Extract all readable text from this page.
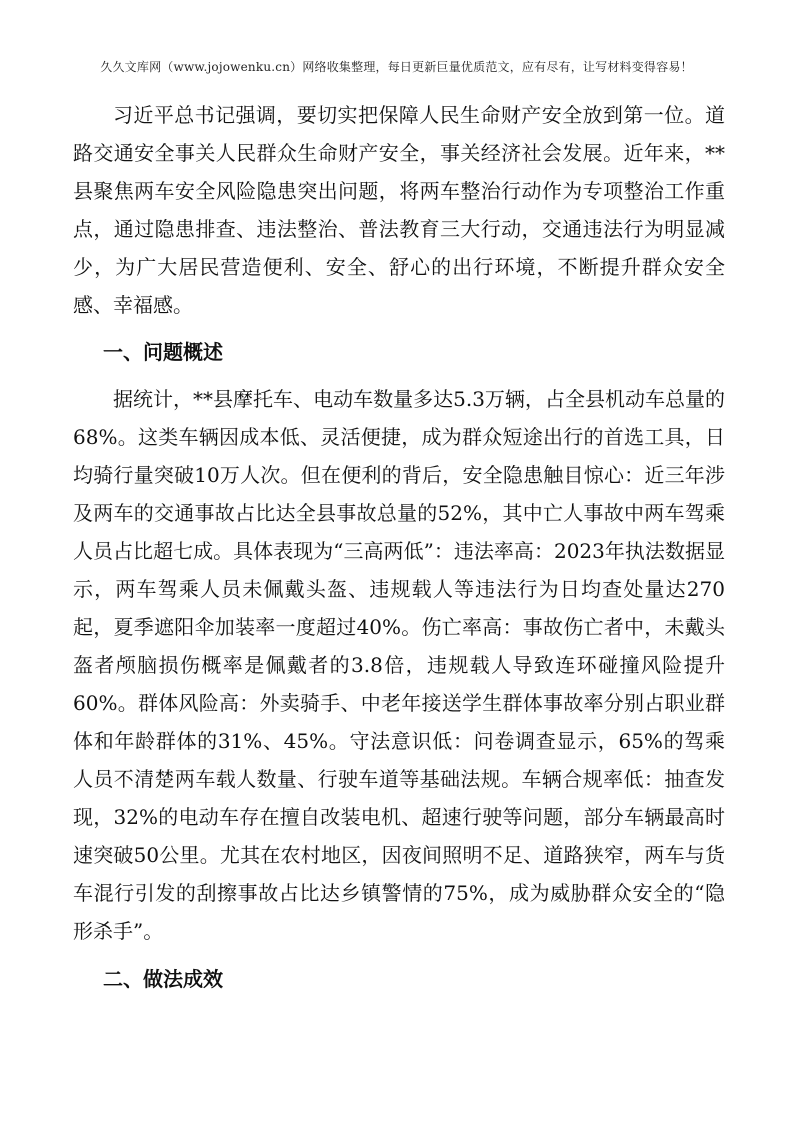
久久文库网（www.jojowenku.cn）网络收集整理，每日更新巨量优质范文，应有尽有，让写材料变得容易！

习近平总书记强调，要切实把保障人民生命财产安全放到第一位。道路交通安全事关人民群众生命财产安全，事关经济社会发展。近年来，**县聚焦两车安全风险隐患突出问题，将两车整治行动作为专项整治工作重点，通过隐患排查、违法整治、普法教育三大行动，交通违法行为明显减少，为广大居民营造便利、安全、舒心的出行环境，不断提升群众安全感、幸福感。

一、问题概述

据统计，**县摩托车、电动车数量多达5.3万辆，占全县机动车总量的68%。这类车辆因成本低、灵活便捷，成为群众短途出行的首选工具，日均骑行量突破10万人次。但在便利的背后，安全隐患触目惊心：近三年涉及两车的交通事故占比达全县事故总量的52%，其中亡人事故中两车驾乘人员占比超七成。具体表现为“三高两低”：违法率高：2023年执法数据显示，两车驾乘人员未佩戴头盔、违规载人等违法行为日均查处量达270起，夏季遮阳伞加装率一度超过40%。伤亡率高：事故伤亡者中，未戴头盔者颅脑损伤概率是佩戴者的3.8倍，违规载人导致连环碰撞风险提升60%。群体风险高：外卖骑手、中老年接送学生群体事故率分别占职业群体和年龄群体的31%、45%。守法意识低：问卷调查显示，65%的驾乘人员不清楚两车载人数量、行驶车道等基础法规。车辆合规率低：抽查发现，32%的电动车存在擅自改装电机、超速行驶等问题，部分车辆最高时速突破50公里。尤其在农村地区，因夜间照明不足、道路狭窄，两车与货车混行引发的刮擦事故占比达乡镇警情的75%，成为威胁群众安全的“隐形杀手”。

二、做法成效
